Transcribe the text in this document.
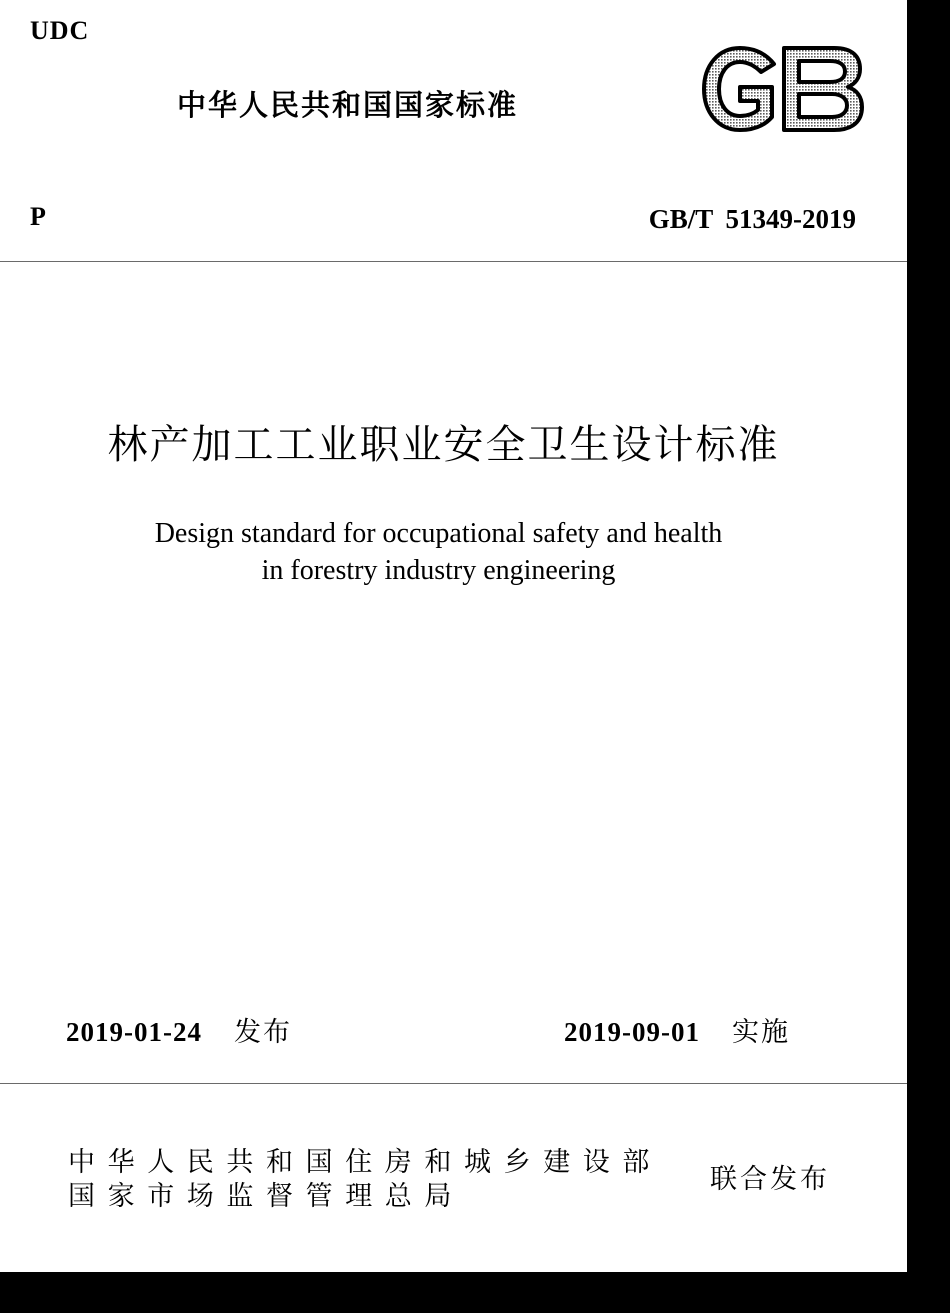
UDC
中华人民共和国国家标准
P	GB/T 51349-2019
林产加工工业职业安全卫生设计标准
Design standard for occupational safety and health
in forestry industry engineering
2019-01-24 发布	2019-09-01 实施
中华人民共和国住房和城乡建设部
国家市场监督管理总局
联合发布
